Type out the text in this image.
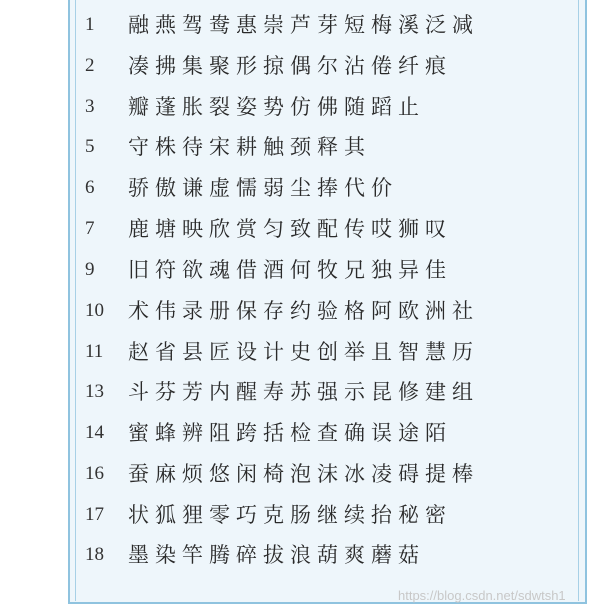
1	融燕驾鸯惠崇芦芽短梅溪泛减
2	凑拂集聚形掠偶尔沾倦纤痕
3	瓣蓬胀裂姿势仿佛随蹈止
5	守株待宋耕触颈释其
6	骄傲谦虚懦弱尘捧代价
7	鹿塘映欣赏匀致配传哎狮叹
9	旧符欲魂借酒何牧兄独异佳
10	术伟录册保存约验格阿欧洲社
11	赵省县匠设计史创举且智慧历
13	斗芬芳内醒寿苏强示昆修建组
14	蜜蜂辨阻跨括检查确误途陌
16	蚕麻烦悠闲椅泡沫冰凌碍提棒
17	状狐狸零巧克肠继续抬秘密
18	墨染竿腾碎拔浪葫爽蘑菇
https://blog.csdn.net/sdwtsh1
